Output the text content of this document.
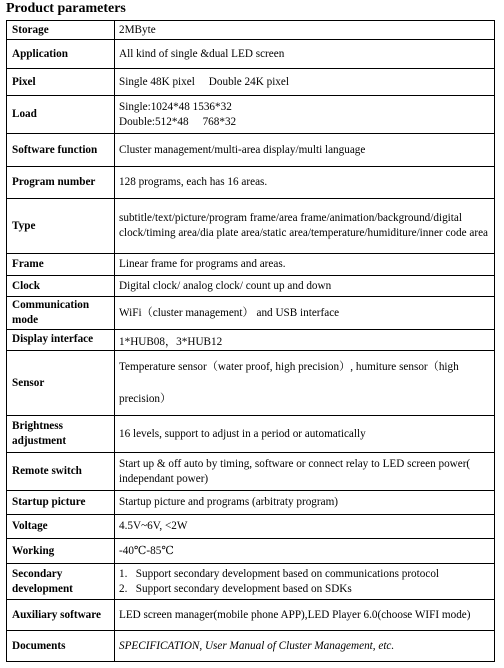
Product parameters
Storage	2MByte
Application	All kind of single &dual LED screen
Pixel	Single 48K pixel     Double 24K pixel
Load	Single:1024*48 1536*32
Double:512*48     768*32

Software function	Cluster management/multi-area display/multi language
Program number	128 programs, each has 16 areas.
Type	subtitle/text/picture/program frame/area frame/animation/background/digital clock/timing area/dia plate area/static area/temperature/humiditure/inner code area
Frame	Linear frame for programs and areas.
Clock	Digital clock/ analog clock/ count up and down
Communication mode	WiFi（cluster management） and USB interface
Display interface	1*HUB08，3*HUB12
Sensor	Temperature sensor（water proof, high precision）, humiture sensor（high precision）
Brightness adjustment	16 levels, support to adjust in a period or automatically
Remote switch	Start up & off auto by timing, software or connect relay to LED screen power( independant power)
Startup picture	Startup picture and programs (arbitraty program)
Voltage	4.5V~6V, <2W
Working	-40℃-85℃
Secondary development	1.   Support secondary development based on communications protocol
2.   Support secondary development based on SDKs

Auxiliary software	LED screen manager(mobile phone APP),LED Player 6.0(choose WIFI mode)
Documents	SPECIFICATION, User Manual of Cluster Management, etc.
